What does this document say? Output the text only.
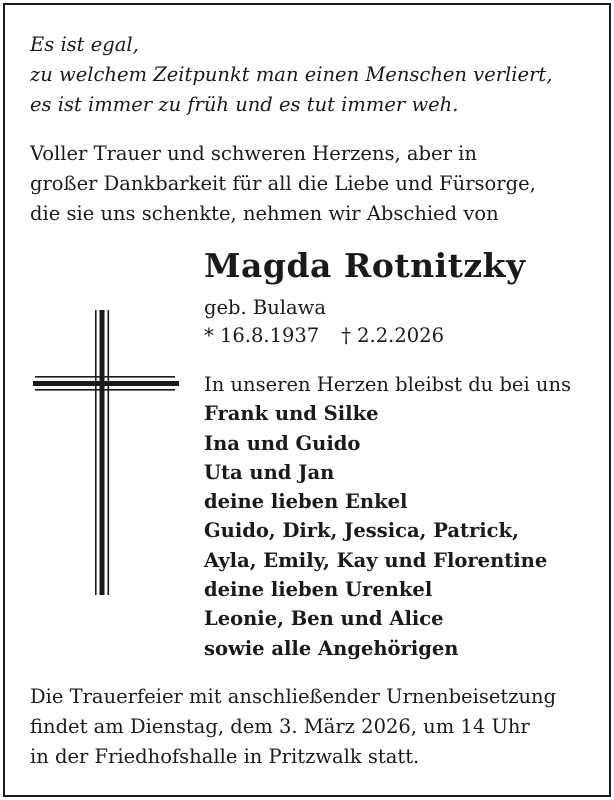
Es ist egal,
zu welchem Zeitpunkt man einen Menschen verliert,
es ist immer zu früh und es tut immer weh.
Voller Trauer und schweren Herzens, aber in
großer Dankbarkeit für all die Liebe und Fürsorge,
die sie uns schenkte, nehmen wir Abschied von
Magda Rotnitzky
geb. Bulawa
* 16.8.1937 † 2.2.2026
In unseren Herzen bleibst du bei uns
Frank und Silke
Ina und Guido
Uta und Jan
deine lieben Enkel
Guido, Dirk, Jessica, Patrick,
Ayla, Emily, Kay und Florentine
deine lieben Urenkel
Leonie, Ben und Alice
sowie alle Angehörigen
Die Trauerfeier mit anschließender Urnenbeisetzung
findet am Dienstag, dem 3. März 2026, um 14 Uhr
in der Friedhofshalle in Pritzwalk statt.
